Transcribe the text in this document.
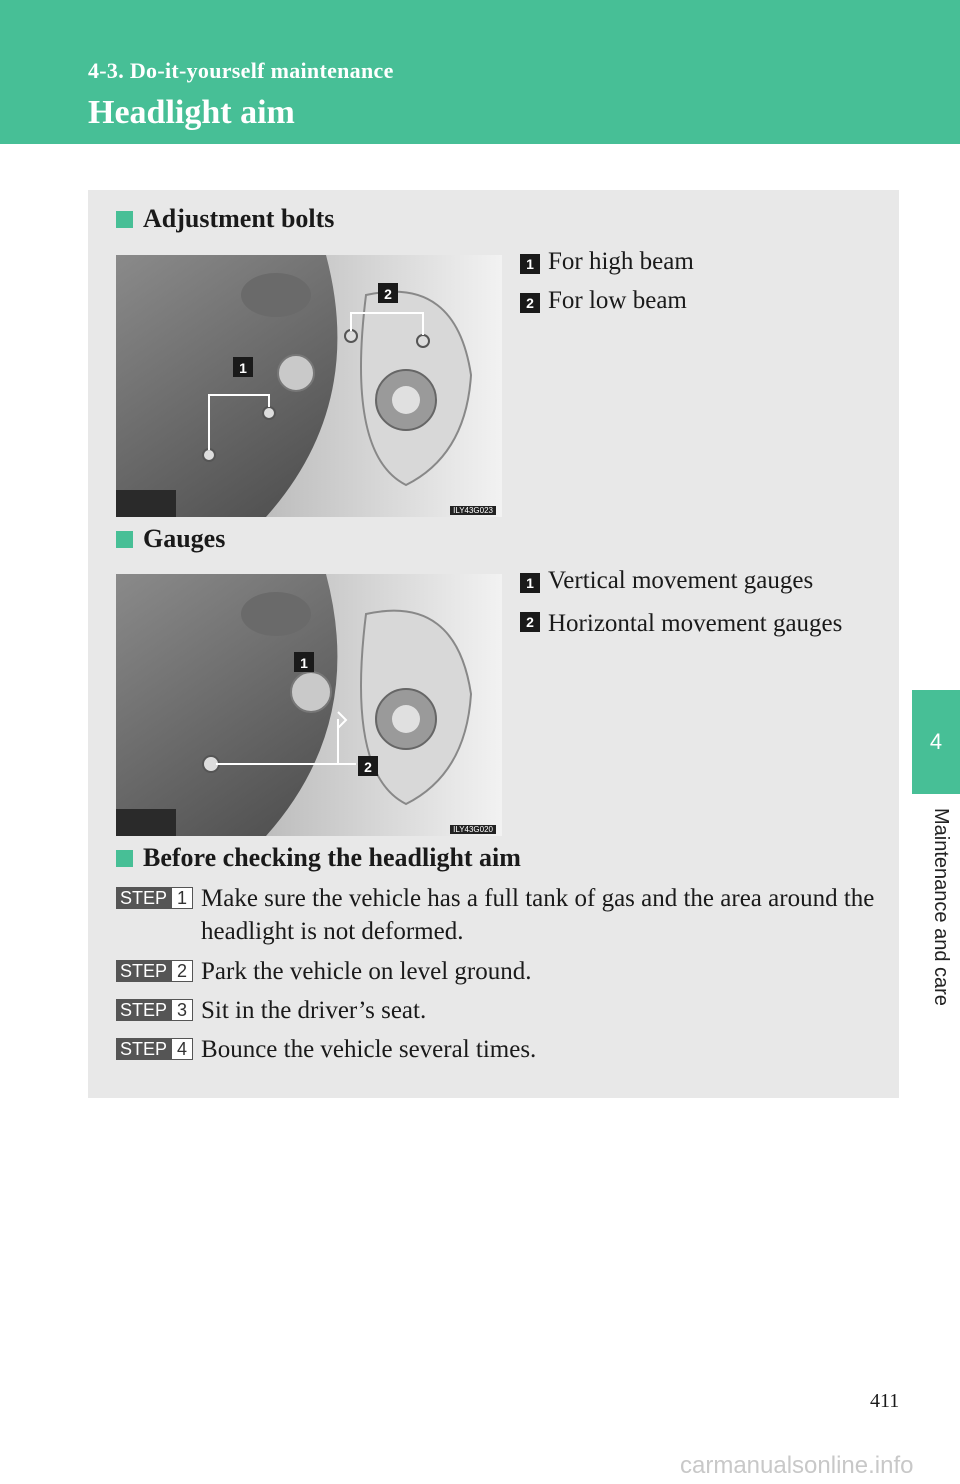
4-3. Do-it-yourself maintenance
Headlight aim
4
Maintenance and care
Adjustment bolts
1
2
ILY43G023
1 For high beam
2 For low beam
Gauges
1
2
ILY43G020
1 Vertical movement gauges
2 Horizontal movement gauges
Before checking the headlight aim
STEP 1 Make sure the vehicle has a full tank of gas and the area around the headlight is not deformed.
STEP 2 Park the vehicle on level ground.
STEP 3 Sit in the driver’s seat.
STEP 4 Bounce the vehicle several times.
411
carmanualsonline.info
